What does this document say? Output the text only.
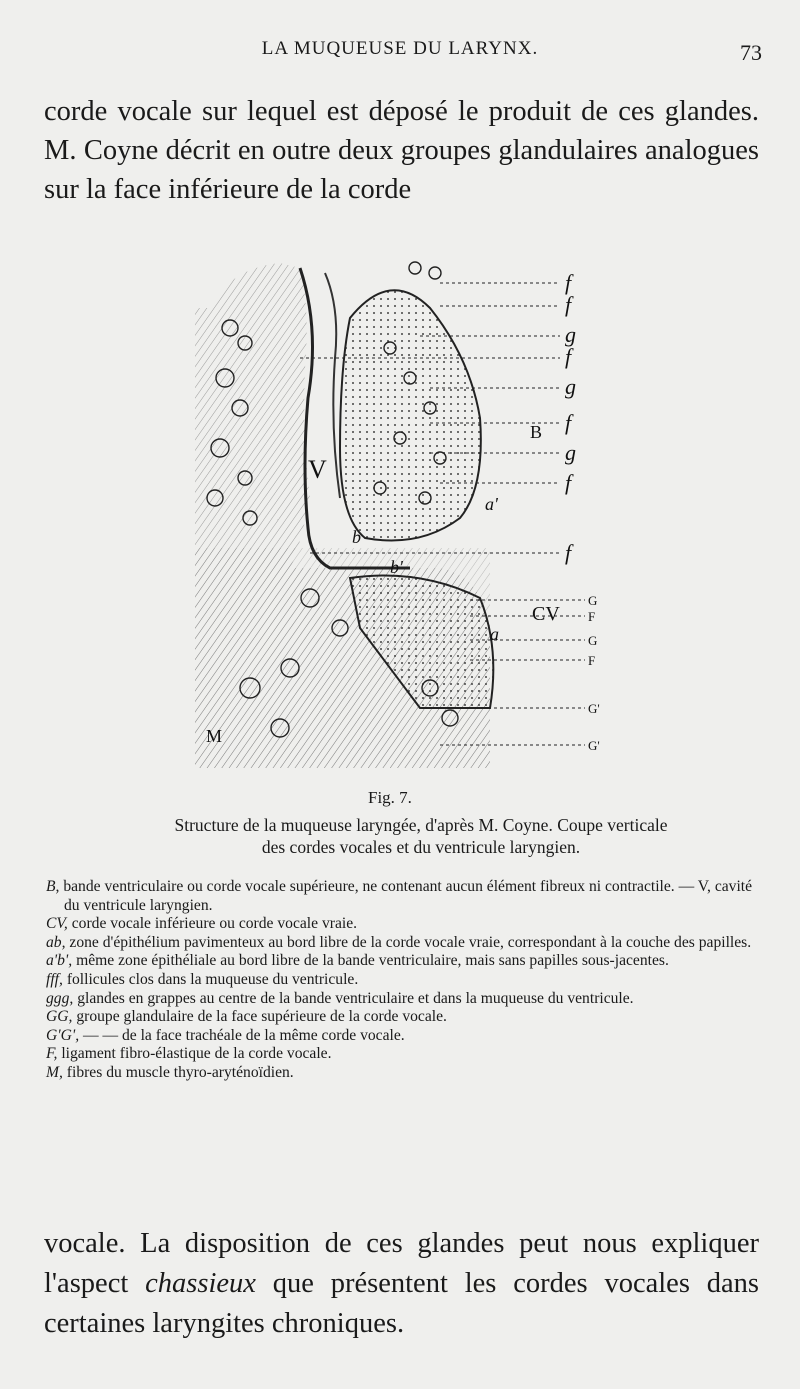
LA MUQUEUSE DU LARYNX.	73

corde vocale sur lequel est déposé le produit de ces glandes. M. Coyne décrit en outre deux groupes glandulaires analogues sur la face inférieure de la corde

f
f
g
f
g
f
g
f
f
G
F
G
F
G'
G'
V
B
CV
M
a
b
a'
b'
Fig. 7.
Structure de la muqueuse laryngée, d'après M. Coyne. Coupe verticale
des cordes vocales et du ventricule laryngien.

B, bande ventriculaire ou corde vocale supérieure, ne contenant aucun élément fibreux ni contractile. — V, cavité du ventricule laryngien.

CV, corde vocale inférieure ou corde vocale vraie.

ab, zone d'épithélium pavimenteux au bord libre de la corde vocale vraie, correspondant à la couche des papilles.

a'b', même zone épithéliale au bord libre de la bande ventriculaire, mais sans papilles sous-jacentes.

fff, follicules clos dans la muqueuse du ventricule.

ggg, glandes en grappes au centre de la bande ventriculaire et dans la muqueuse du ventricule.

GG, groupe glandulaire de la face supérieure de la corde vocale.

G'G', — — de la face trachéale de la même corde vocale.

F, ligament fibro-élastique de la corde vocale.

M, fibres du muscle thyro-aryténoïdien.

vocale. La disposition de ces glandes peut nous expliquer l'aspect chassieux que présentent les cordes vocales dans certaines laryngites chroniques.
